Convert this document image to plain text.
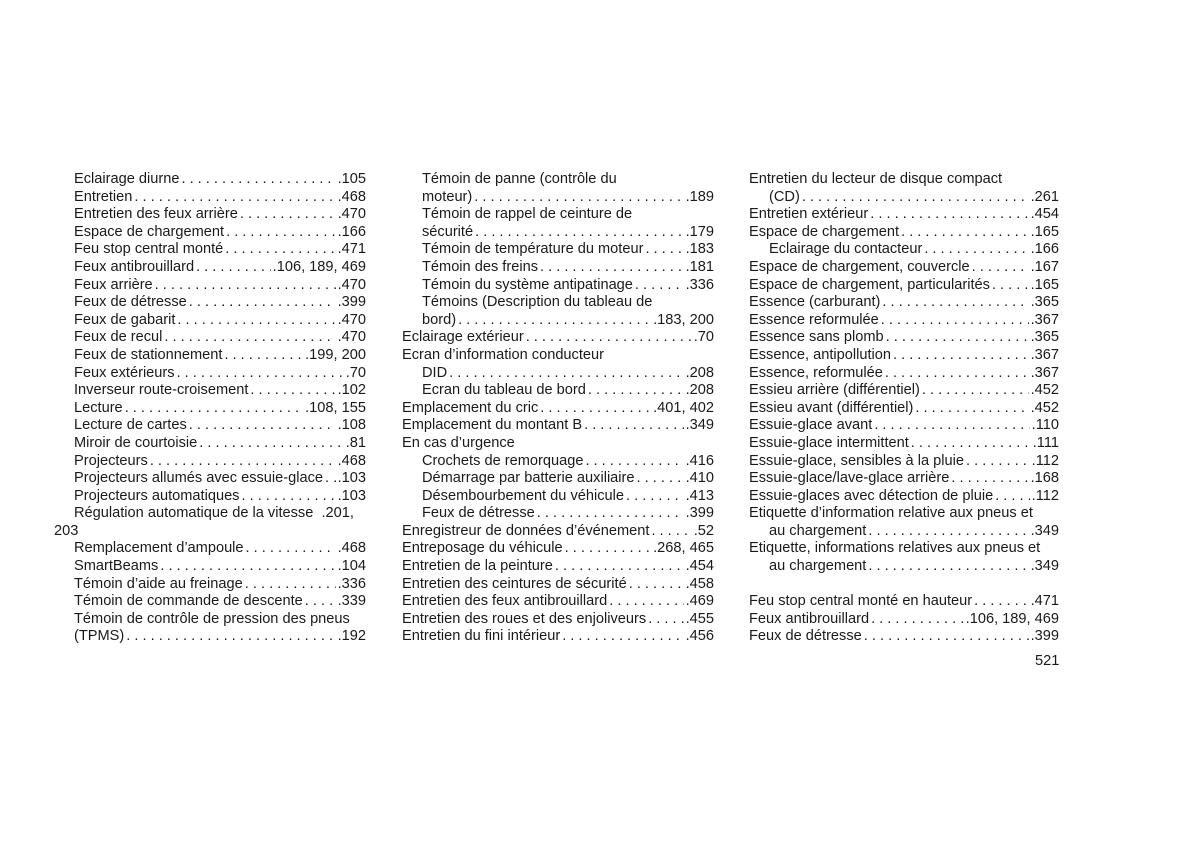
Eclairage diurne . . .	.105
Entretien . . .	.468
Entretien des feux arrière . . .	.470
Espace de chargement . . .	.166
Feu stop central monté . . .	.471
Feux antibrouillard . . .	.106, 189, 469
Feux arrière . . .	.470
Feux de détresse . . .	.399
Feux de gabarit . . .	.470
Feux de recul . . .	.470
Feux de stationnement . . .	.199, 200
Feux extérieurs . . .	.70
Inverseur route-croisement . . .	.102
Lecture . . .	.108, 155
Lecture de cartes . . .	.108
Miroir de courtoisie . . .	.81
Projecteurs . . .	.468
Projecteurs allumés avec essuie-glace . . . .103
Projecteurs automatiques . . .	.103
Régulation automatique de la vitesse  .201,
203
Remplacement d’ampoule . . .	.468
SmartBeams . . .	.104
Témoin d’aide au freinage . . .	.336
Témoin de commande de descente . . . .339
Témoin de contrôle de pression des pneus
(TPMS) . . .	.192
Témoin de panne (contrôle du
moteur) . . .	.189
Témoin de rappel de ceinture de
sécurité . . .	.179
Témoin de température du moteur . . .	.183
Témoin des freins . . .	.181
Témoin du système antipatinage . . .	.336
Témoins (Description du tableau de
bord) . . .	.183, 200
Eclairage extérieur . . .	.70
Ecran d’information conducteur
DID . . .	.208
Ecran du tableau de bord . . .	.208
Emplacement du cric . . .	.401, 402
Emplacement du montant B . . .	.349
En cas d’urgence
Crochets de remorquage . . .	.416
Démarrage par batterie auxiliaire . . .	.410
Désembourbement du véhicule . . .	.413
Feux de détresse . . .	.399
Enregistreur de données d’événement . . .	.52
Entreposage du véhicule . . .	.268, 465
Entretien de la peinture . . .	.454
Entretien des ceintures de sécurité . . .	.458
Entretien des feux antibrouillard . . .	.469
Entretien des roues et des enjoliveurs . . .	.455
Entretien du fini intérieur . . .	.456
Entretien du lecteur de disque compact
(CD) . . .	.261
Entretien extérieur . . .	.454
Espace de chargement . . .	.165
Eclairage du contacteur . . .	.166
Espace de chargement, couvercle . . .	.167
Espace de chargement, particularités . . .	.165
Essence (carburant) . . .	.365
Essence reformulée . . .	.367
Essence sans plomb . . .	.365
Essence, antipollution . . .	.367
Essence, reformulée . . .	.367
Essieu arrière (différentiel) . . .	.452
Essieu avant (différentiel) . . .	.452
Essuie-glace avant . . .	.110
Essuie-glace intermittent . . .	.111
Essuie-glace, sensibles à la pluie . . .	.112
Essuie-glace/lave-glace arrière . . .	.168
Essuie-glaces avec détection de pluie . . .	.112
Etiquette d’information relative aux pneus et
au chargement . . .	.349
Etiquette, informations relatives aux pneus et
au chargement . . .	.349
Feu stop central monté en hauteur . . .	.471
Feux antibrouillard . . .	.106, 189, 469
Feux de détresse . . .	.399
521
